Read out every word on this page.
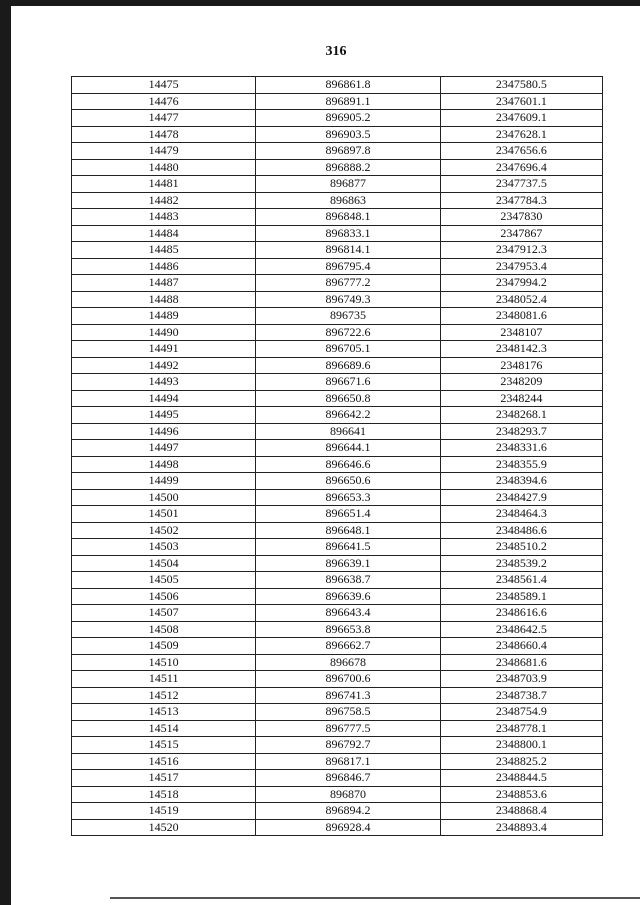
316
14475	896861.8	2347580.5
14476	896891.1	2347601.1
14477	896905.2	2347609.1
14478	896903.5	2347628.1
14479	896897.8	2347656.6
14480	896888.2	2347696.4
14481	896877	2347737.5
14482	896863	2347784.3
14483	896848.1	2347830
14484	896833.1	2347867
14485	896814.1	2347912.3
14486	896795.4	2347953.4
14487	896777.2	2347994.2
14488	896749.3	2348052.4
14489	896735	2348081.6
14490	896722.6	2348107
14491	896705.1	2348142.3
14492	896689.6	2348176
14493	896671.6	2348209
14494	896650.8	2348244
14495	896642.2	2348268.1
14496	896641	2348293.7
14497	896644.1	2348331.6
14498	896646.6	2348355.9
14499	896650.6	2348394.6
14500	896653.3	2348427.9
14501	896651.4	2348464.3
14502	896648.1	2348486.6
14503	896641.5	2348510.2
14504	896639.1	2348539.2
14505	896638.7	2348561.4
14506	896639.6	2348589.1
14507	896643.4	2348616.6
14508	896653.8	2348642.5
14509	896662.7	2348660.4
14510	896678	2348681.6
14511	896700.6	2348703.9
14512	896741.3	2348738.7
14513	896758.5	2348754.9
14514	896777.5	2348778.1
14515	896792.7	2348800.1
14516	896817.1	2348825.2
14517	896846.7	2348844.5
14518	896870	2348853.6
14519	896894.2	2348868.4
14520	896928.4	2348893.4
